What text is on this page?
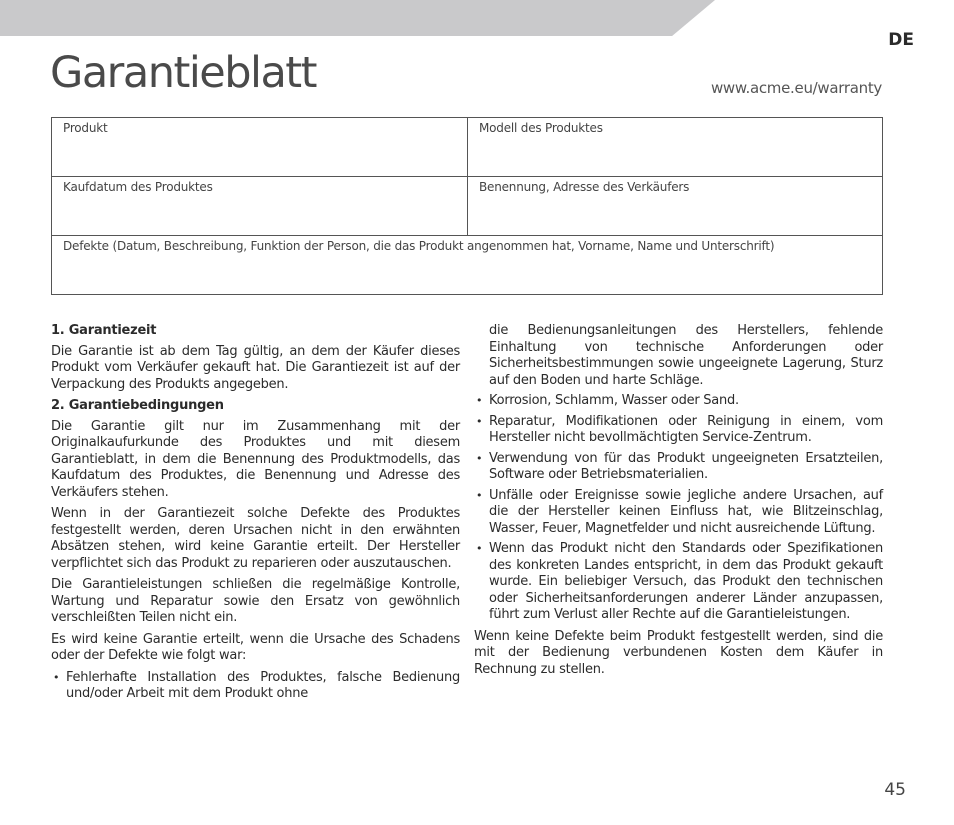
DE
Garantieblatt	www.acme.eu/warranty
Produkt	Modell des Produktes
Kaufdatum des Produktes	Benennung, Adresse des Verkäufers
Defekte (Datum, Beschreibung, Funktion der Person, die das Produkt angenommen hat, Vorname, Name und Unterschrift)
1. Garantiezeit

Die Garantie ist ab dem Tag gültig, an dem der Käufer dieses Produkt vom Verkäufer gekauft hat. Die Garantiezeit ist auf der Verpackung des Produkts angegeben.

2. Garantiebedingungen

Die Garantie gilt nur im Zusammenhang mit der Originalkaufurkunde des Produktes und mit diesem Garantieblatt, in dem die Benennung des Produktmodells, das Kaufdatum des Produktes, die Benennung und Adresse des Verkäufers stehen.

Wenn in der Garantiezeit solche Defekte des Produktes festgestellt werden, deren Ursachen nicht in den erwähnten Absätzen stehen, wird keine Garantie erteilt. Der Hersteller verpflichtet sich das Produkt zu reparieren oder auszutauschen.

Die Garantieleistungen schließen die regelmäßige Kontrolle, Wartung und Reparatur sowie den Ersatz von gewöhnlich verschleißten Teilen nicht ein.

Es wird keine Garantie erteilt, wenn die Ursache des Schadens oder der Defekte wie folgt war:

• Fehlerhafte Installation des Produktes, falsche Bedienung und/oder Arbeit mit dem Produkt ohne
die Bedienungsanleitungen des Herstellers, fehlende Einhaltung von technische Anforderungen oder Sicherheitsbestimmungen sowie ungeeignete Lagerung, Sturz auf den Boden und harte Schläge.
• Korrosion, Schlamm, Wasser oder Sand.
• Reparatur, Modifikationen oder Reinigung in einem, vom Hersteller nicht bevollmächtigten Service-Zentrum.
• Verwendung von für das Produkt ungeeigneten Ersatzteilen, Software oder Betriebsmaterialien.
• Unfälle oder Ereignisse sowie jegliche andere Ursachen, auf die der Hersteller keinen Einfluss hat, wie Blitzeinschlag, Wasser, Feuer, Magnetfelder und nicht ausreichende Lüftung.
• Wenn das Produkt nicht den Standards oder Spezifikationen des konkreten Landes entspricht, in dem das Produkt gekauft wurde. Ein beliebiger Versuch, das Produkt den technischen oder Sicherheitsanforderungen anderer Länder anzupassen, führt zum Verlust aller Rechte auf die Garantieleistungen.

Wenn keine Defekte beim Produkt festgestellt werden, sind die mit der Bedienung verbundenen Kosten dem Käufer in Rechnung zu stellen.

45
